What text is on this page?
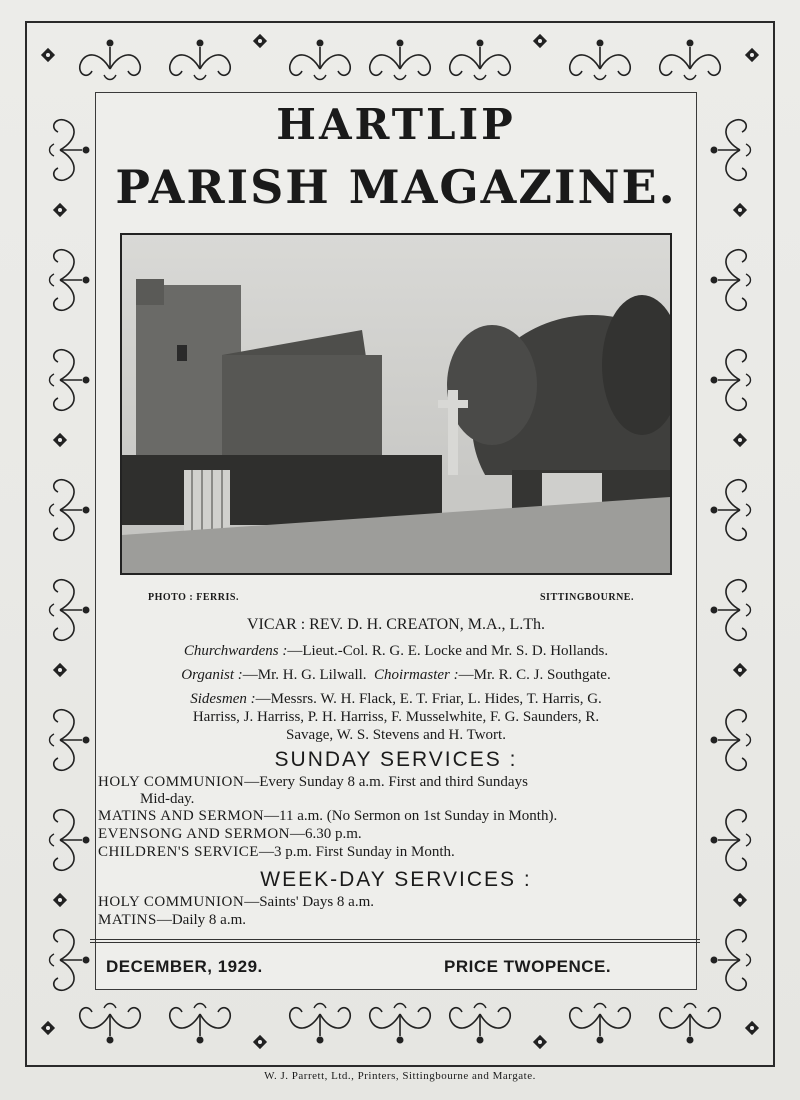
HARTLIP
PARISH MAGAZINE.
PHOTO : FERRIS.	SITTINGBOURNE.
VICAR : REV. D. H. CREATON, M.A., L.Th.
Churchwardens :—Lieut.-Col. R. G. E. Locke and Mr. S. D. Hollands.
Organist :—Mr. H. G. Lilwall. Choirmaster :—Mr. R. C. J. Southgate.
Sidesmen :—Messrs. W. H. Flack, E. T. Friar, L. Hides, T. Harris, G.
Harriss, J. Harriss, P. H. Harriss, F. Musselwhite, F. G. Saunders, R.
Savage, W. S. Stevens and H. Twort.
SUNDAY SERVICES :
HOLY COMMUNION—Every Sunday 8 a.m. First and third Sundays
Mid-day.
MATINS AND SERMON—11 a.m. (No Sermon on 1st Sunday in Month).
EVENSONG AND SERMON—6.30 p.m.
CHILDREN'S SERVICE—3 p.m. First Sunday in Month.
WEEK-DAY SERVICES :
HOLY COMMUNION—Saints' Days 8 a.m.
MATINS—Daily 8 a.m.
DECEMBER, 1929.	PRICE TWOPENCE.
W. J. Parrett, Ltd., Printers, Sittingbourne and Margate.
